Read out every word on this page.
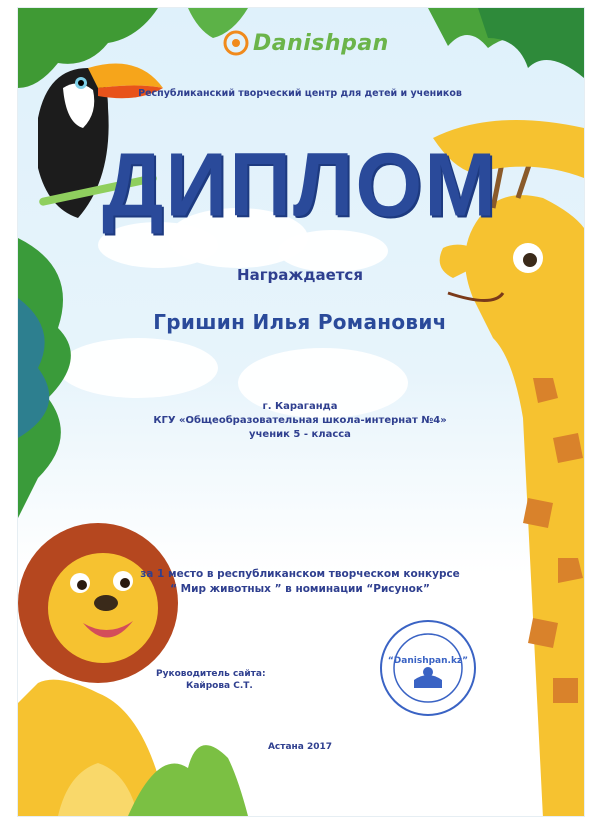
Danishpan
Республиканский творческий центр для детей и учеников
ДИПЛОМ
Награждается
Гришин Илья Романович
г. Караганда
КГУ «Общеобразовательная школа-интернат №4»
ученик 5 - класса
за 1 место в республиканском творческом конкурсе
“ Мир животных ” в номинации “Рисунок”
Руководитель сайта:
Кайрова С.Т.
“Danishpan.kz”
Астана 2017
